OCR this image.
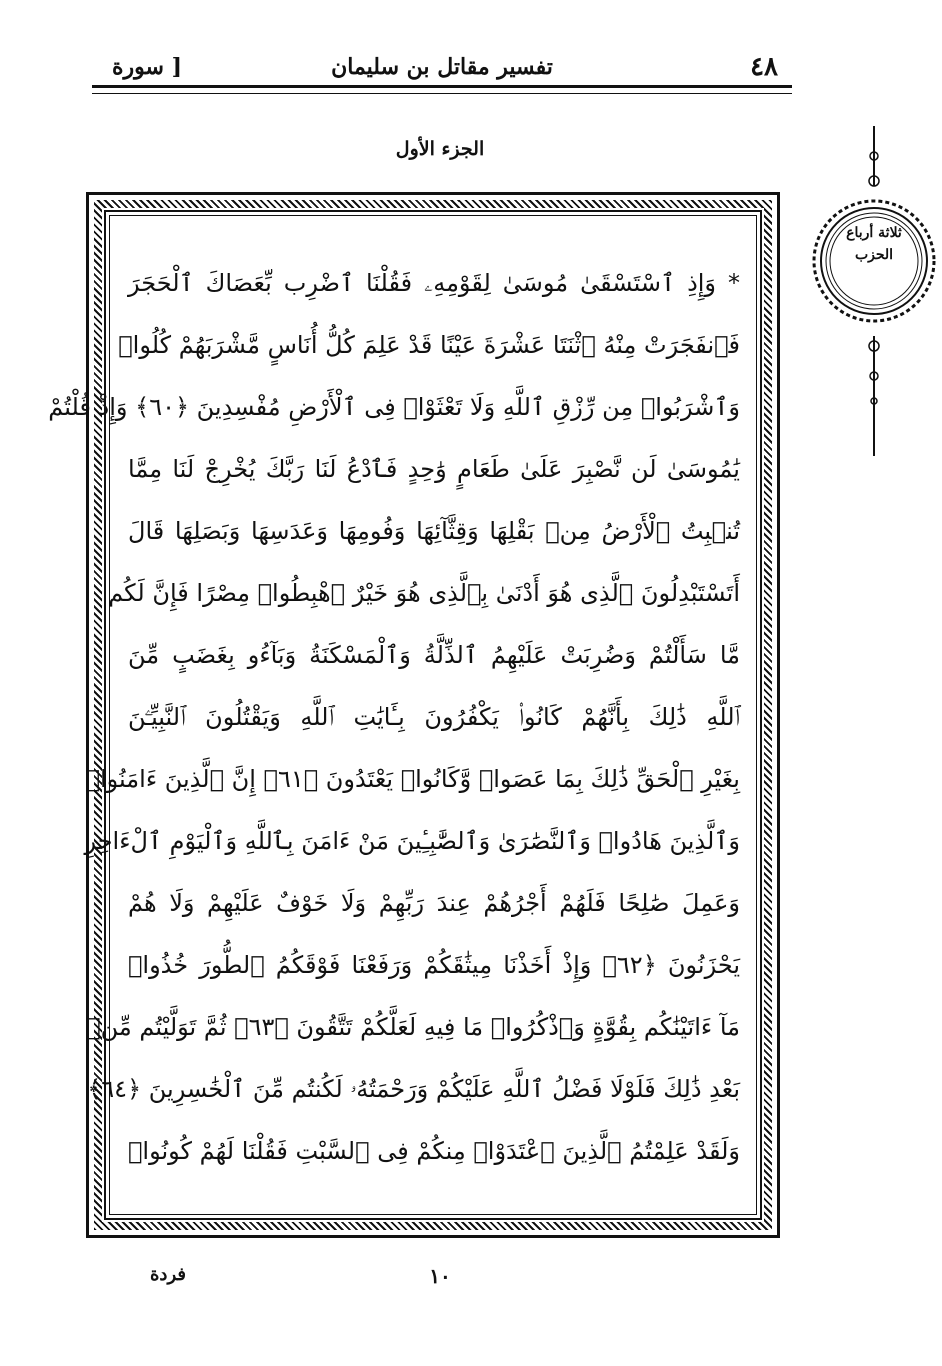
٤٨
تفسير مقاتل بن سليمان
[ سورة
الجزء الأول
ثلاثة أرباع الحزب
* وَإِذِ ٱسْتَسْقَىٰ مُوسَىٰ لِقَوْمِهِۦ فَقُلْنَا ٱضْرِب بِّعَصَاكَ ٱلْحَجَرَ
فَٱنفَجَرَتْ مِنْهُ ٱثْنَتَا عَشْرَةَ عَيْنًا قَدْ عَلِمَ كُلُّ أُنَاسٍ مَّشْرَبَهُمْ كُلُوا۟
وَٱشْرَبُوا۟ مِن رِّزْقِ ٱللَّهِ وَلَا تَعْثَوْا۟ فِى ٱلْأَرْضِ مُفْسِدِينَ ﴿٦٠﴾ وَإِذْ قُلْتُمْ
يَٰمُوسَىٰ لَن نَّصْبِرَ عَلَىٰ طَعَامٍ وَٰحِدٍ فَٱدْعُ لَنَا رَبَّكَ يُخْرِجْ لَنَا مِمَّا
تُنۢبِتُ ٱلْأَرْضُ مِنۢ بَقْلِهَا وَقِثَّآئِهَا وَفُومِهَا وَعَدَسِهَا وَبَصَلِهَا قَالَ
أَتَسْتَبْدِلُونَ ٱلَّذِى هُوَ أَدْنَىٰ بِٱلَّذِى هُوَ خَيْرٌ ٱهْبِطُوا۟ مِصْرًا فَإِنَّ لَكُم
مَّا سَأَلْتُمْ وَضُرِبَتْ عَلَيْهِمُ ٱلذِّلَّةُ وَٱلْمَسْكَنَةُ وَبَآءُو بِغَضَبٍ مِّنَ
ٱللَّهِ ذَٰلِكَ بِأَنَّهُمْ كَانُوا۟ يَكْفُرُونَ بِـَٔايَٰتِ ٱللَّهِ وَيَقْتُلُونَ ٱلنَّبِيِّـۧنَ
بِغَيْرِ ٱلْحَقِّ ذَٰلِكَ بِمَا عَصَوا۟ وَّكَانُوا۟ يَعْتَدُونَ ﴿٦١﴾ إِنَّ ٱلَّذِينَ ءَامَنُوا۟
وَٱلَّذِينَ هَادُوا۟ وَٱلنَّصَٰرَىٰ وَٱلصَّٰبِـِٔينَ مَنْ ءَامَنَ بِٱللَّهِ وَٱلْيَوْمِ ٱلْءَاخِرِ
وَعَمِلَ صَٰلِحًا فَلَهُمْ أَجْرُهُمْ عِندَ رَبِّهِمْ وَلَا خَوْفٌ عَلَيْهِمْ وَلَا هُمْ
يَحْزَنُونَ ﴿٦٢﴾ وَإِذْ أَخَذْنَا مِيثَٰقَكُمْ وَرَفَعْنَا فَوْقَكُمُ ٱلطُّورَ خُذُوا۟
مَآ ءَاتَيْنَٰكُم بِقُوَّةٍ وَٱذْكُرُوا۟ مَا فِيهِ لَعَلَّكُمْ تَتَّقُونَ ﴿٦٣﴾ ثُمَّ تَوَلَّيْتُم مِّنۢ
بَعْدِ ذَٰلِكَ فَلَوْلَا فَضْلُ ٱللَّهِ عَلَيْكُمْ وَرَحْمَتُهُۥ لَكُنتُم مِّنَ ٱلْخَٰسِرِينَ ﴿٦٤﴾
وَلَقَدْ عَلِمْتُمُ ٱلَّذِينَ ٱعْتَدَوْا۟ مِنكُمْ فِى ٱلسَّبْتِ فَقُلْنَا لَهُمْ كُونُوا۟
١٠
فردة
